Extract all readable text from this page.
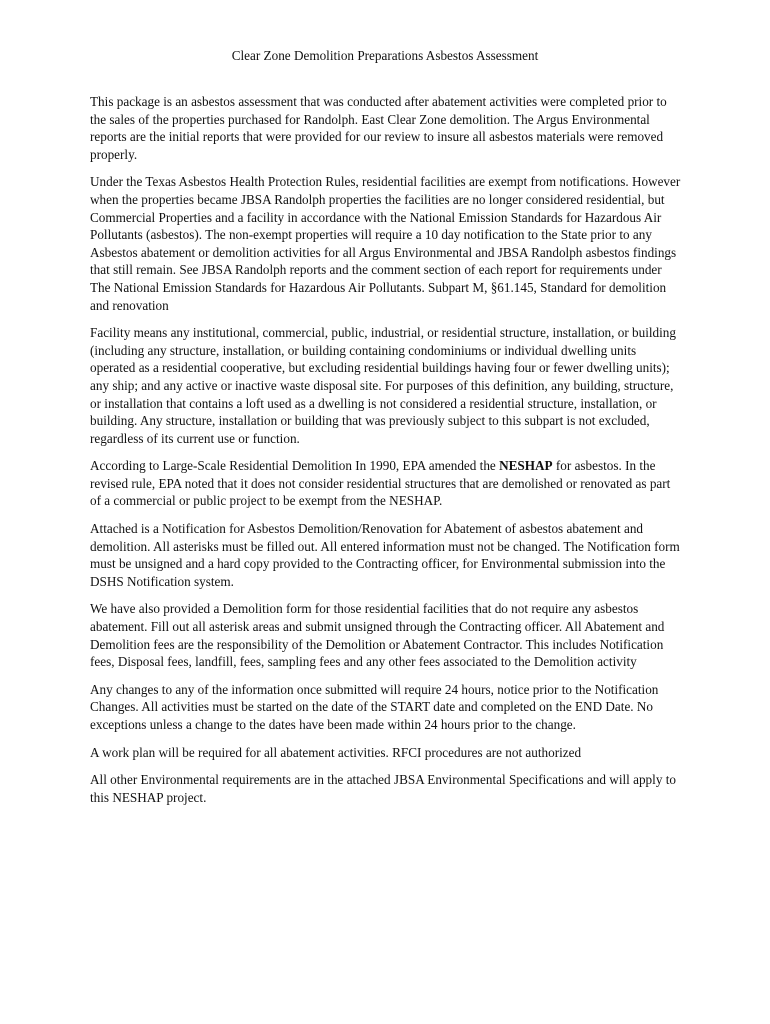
Clear Zone Demolition Preparations Asbestos Assessment

This package is an asbestos assessment that was conducted after abatement activities were completed prior to the sales of the properties purchased for Randolph. East Clear Zone demolition. The Argus Environmental reports are the initial reports that were provided for our review to insure all asbestos materials were removed properly.

Under the Texas Asbestos Health Protection Rules, residential facilities are exempt from notifications. However when the properties became JBSA Randolph properties the facilities are no longer considered residential, but Commercial Properties and a facility in accordance with the National Emission Standards for Hazardous Air Pollutants (asbestos). The non-exempt properties will require a 10 day notification to the State prior to any Asbestos abatement or demolition activities for all Argus Environmental and JBSA Randolph asbestos findings that still remain. See JBSA Randolph reports and the comment section of each report for requirements under The National Emission Standards for Hazardous Air Pollutants. Subpart M, §61.145, Standard for demolition and renovation

Facility means any institutional, commercial, public, industrial, or residential structure, installation, or building (including any structure, installation, or building containing condominiums or individual dwelling units operated as a residential cooperative, but excluding residential buildings having four or fewer dwelling units); any ship; and any active or inactive waste disposal site. For purposes of this definition, any building, structure, or installation that contains a loft used as a dwelling is not considered a residential structure, installation, or building. Any structure, installation or building that was previously subject to this subpart is not excluded, regardless of its current use or function.

According to Large-Scale Residential Demolition In 1990, EPA amended the NESHAP for asbestos. In the revised rule, EPA noted that it does not consider residential structures that are demolished or renovated as part of a commercial or public project to be exempt from the NESHAP.

Attached is a Notification for Asbestos Demolition/Renovation for Abatement of asbestos abatement and demolition. All asterisks must be filled out. All entered information must not be changed. The Notification form must be unsigned and a hard copy provided to the Contracting officer, for Environmental submission into the DSHS Notification system.

We have also provided a Demolition form for those residential facilities that do not require any asbestos abatement. Fill out all asterisk areas and submit unsigned through the Contracting officer. All Abatement and Demolition fees are the responsibility of the Demolition or Abatement Contractor. This includes Notification fees, Disposal fees, landfill, fees, sampling fees and any other fees associated to the Demolition activity

Any changes to any of the information once submitted will require 24 hours, notice prior to the Notification Changes. All activities must be started on the date of the START date and completed on the END Date. No exceptions unless a change to the dates have been made within 24 hours prior to the change.

A work plan will be required for all abatement activities. RFCI procedures are not authorized

All other Environmental requirements are in the attached JBSA Environmental Specifications and will apply to this NESHAP project.
